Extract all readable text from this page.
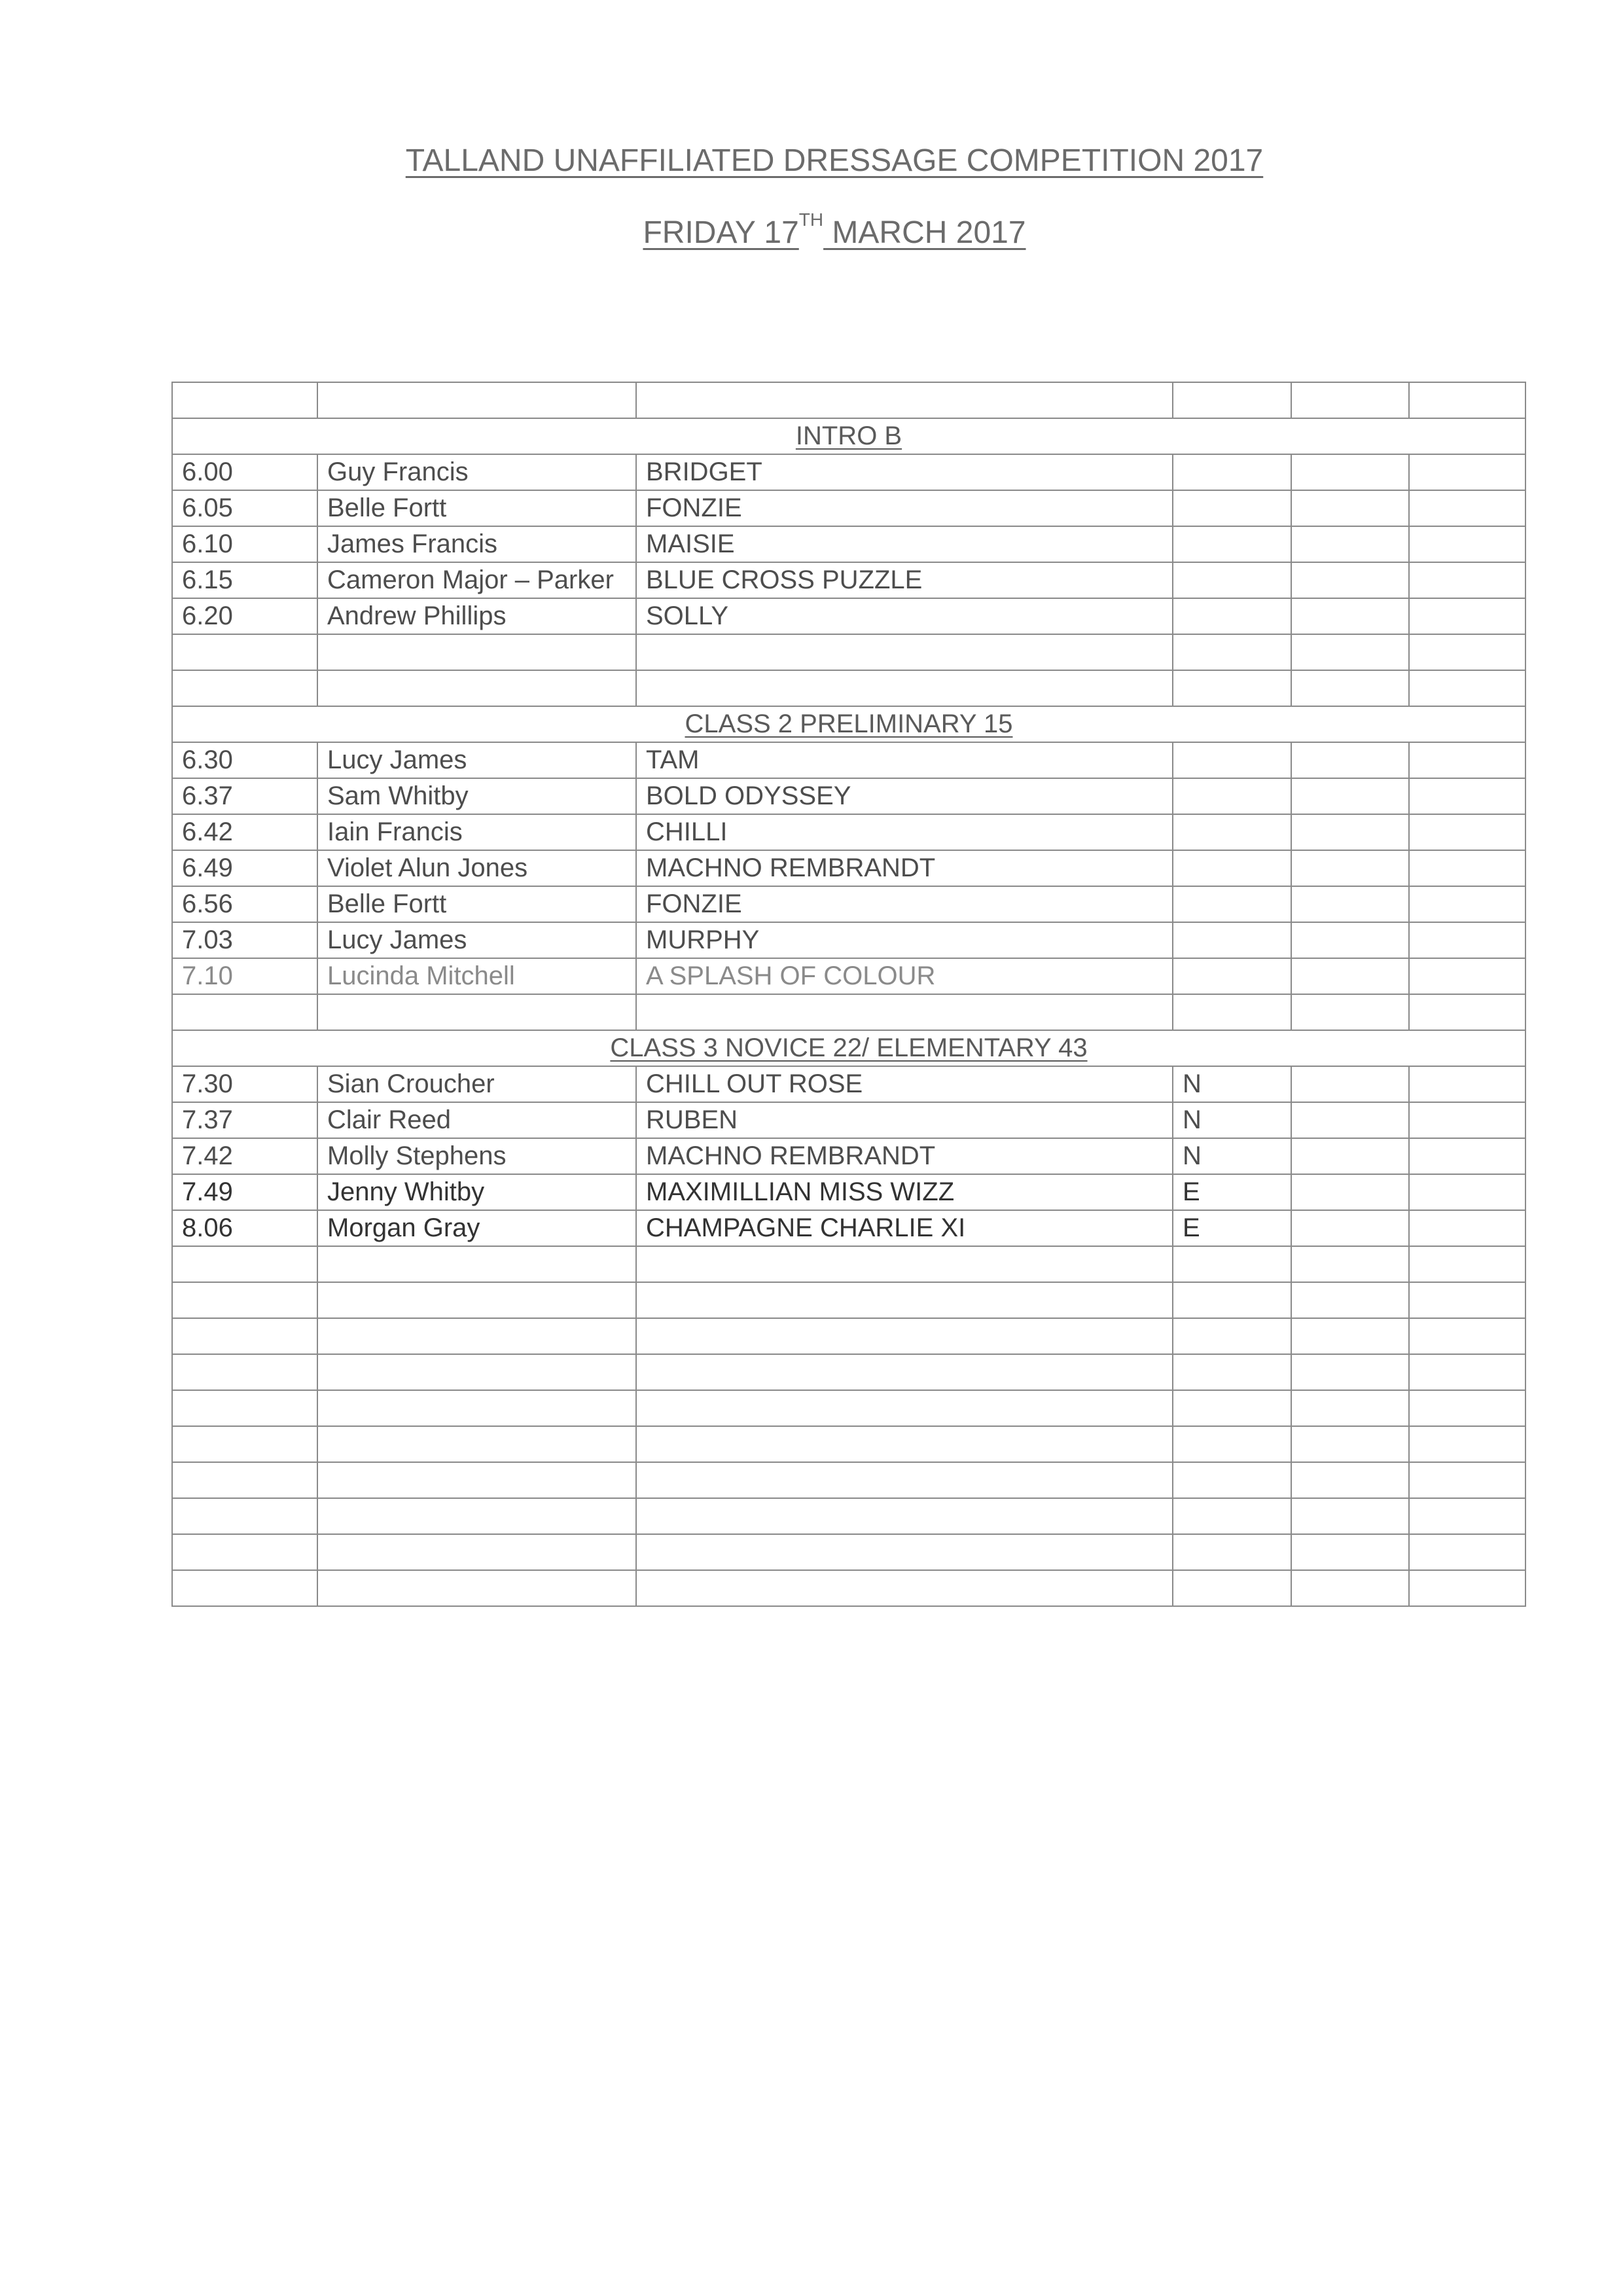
TALLAND UNAFFILIATED DRESSAGE COMPETITION 2017
FRIDAY 17TH MARCH 2017

INTRO B					
6.00	Guy Francis	BRIDGET			
6.05	Belle Fortt	FONZIE			
6.10	James Francis	MAISIE			
6.15	Cameron Major – Parker	BLUE CROSS PUZZLE			
6.20	Andrew Phillips	SOLLY			

CLASS 2 PRELIMINARY 15					
6.30	Lucy James	TAM			
6.37	Sam Whitby	BOLD ODYSSEY			
6.42	Iain Francis	CHILLI			
6.49	Violet Alun Jones	MACHNO REMBRANDT			
6.56	Belle Fortt	FONZIE			
7.03	Lucy James	MURPHY			
7.10	Lucinda Mitchell	A SPLASH OF COLOUR			

CLASS 3 NOVICE 22/ ELEMENTARY 43					
7.30	Sian Croucher	CHILL OUT ROSE	N		
7.37	Clair Reed	RUBEN	N		
7.42	Molly Stephens	MACHNO REMBRANDT	N		
7.49	Jenny Whitby	MAXIMILLIAN MISS WIZZ	E		
8.06	Morgan Gray	CHAMPAGNE CHARLIE XI	E		
